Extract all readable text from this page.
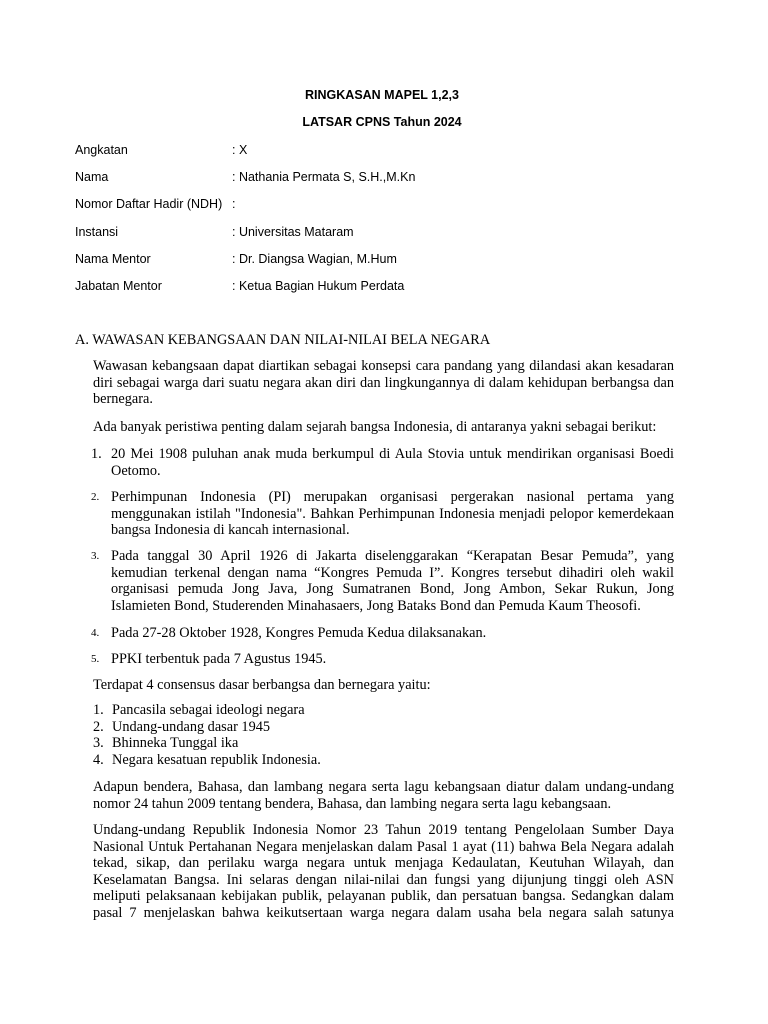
RINGKASAN MAPEL 1,2,3
LATSAR CPNS Tahun 2024
Angkatan	: X
Nama	: Nathania Permata S, S.H.,M.Kn
Nomor Daftar Hadir (NDH) :
Instansi	: Universitas Mataram
Nama Mentor	: Dr. Diangsa Wagian, M.Hum
Jabatan Mentor	: Ketua Bagian Hukum Perdata
A. WAWASAN KEBANGSAAN DAN NILAI-NILAI BELA NEGARA

Wawasan kebangsaan dapat diartikan sebagai konsepsi cara pandang yang dilandasi akan kesadaran diri sebagai warga dari suatu negara akan diri dan lingkungannya di dalam kehidupan berbangsa dan bernegara.

Ada banyak peristiwa penting dalam sejarah bangsa Indonesia, di antaranya yakni sebagai berikut:

1. 20 Mei 1908 puluhan anak muda berkumpul di Aula Stovia untuk mendirikan organisasi Boedi Oetomo.

2. Perhimpunan Indonesia (PI) merupakan organisasi pergerakan nasional pertama yang menggunakan istilah "Indonesia". Bahkan Perhimpunan Indonesia menjadi pelopor kemerdekaan bangsa Indonesia di kancah internasional.

3. Pada tanggal 30 April 1926 di Jakarta diselenggarakan “Kerapatan Besar Pemuda”, yang kemudian terkenal dengan nama “Kongres Pemuda I”. Kongres tersebut dihadiri oleh wakil organisasi pemuda Jong Java, Jong Sumatranen Bond, Jong Ambon, Sekar Rukun, Jong Islamieten Bond, Studerenden Minahasaers, Jong Bataks Bond dan Pemuda Kaum Theosofi.

4. Pada 27-28 Oktober 1928, Kongres Pemuda Kedua dilaksanakan.

5. PPKI terbentuk pada 7 Agustus 1945.

Terdapat 4 consensus dasar berbangsa dan bernegara yaitu:

1. Pancasila sebagai ideologi negara
2. Undang-undang dasar 1945
3. Bhinneka Tunggal ika
4. Negara kesatuan republik Indonesia.

Adapun bendera, Bahasa, dan lambang negara serta lagu kebangsaan diatur dalam undang-undang nomor 24 tahun 2009 tentang bendera, Bahasa, dan lambing negara serta lagu kebangsaan.

Undang-undang Republik Indonesia Nomor 23 Tahun 2019 tentang Pengelolaan Sumber Daya Nasional Untuk Pertahanan Negara menjelaskan dalam Pasal 1 ayat (11) bahwa Bela Negara adalah tekad, sikap, dan perilaku warga negara untuk menjaga Kedaulatan, Keutuhan Wilayah, dan Keselamatan Bangsa. Ini selaras dengan nilai-nilai dan fungsi yang dijunjung tinggi oleh ASN meliputi pelaksanaan kebijakan publik, pelayanan publik, dan persatuan bangsa. Sedangkan dalam pasal 7 menjelaskan bahwa keikutsertaan warga negara dalam usaha bela negara salah satunya
